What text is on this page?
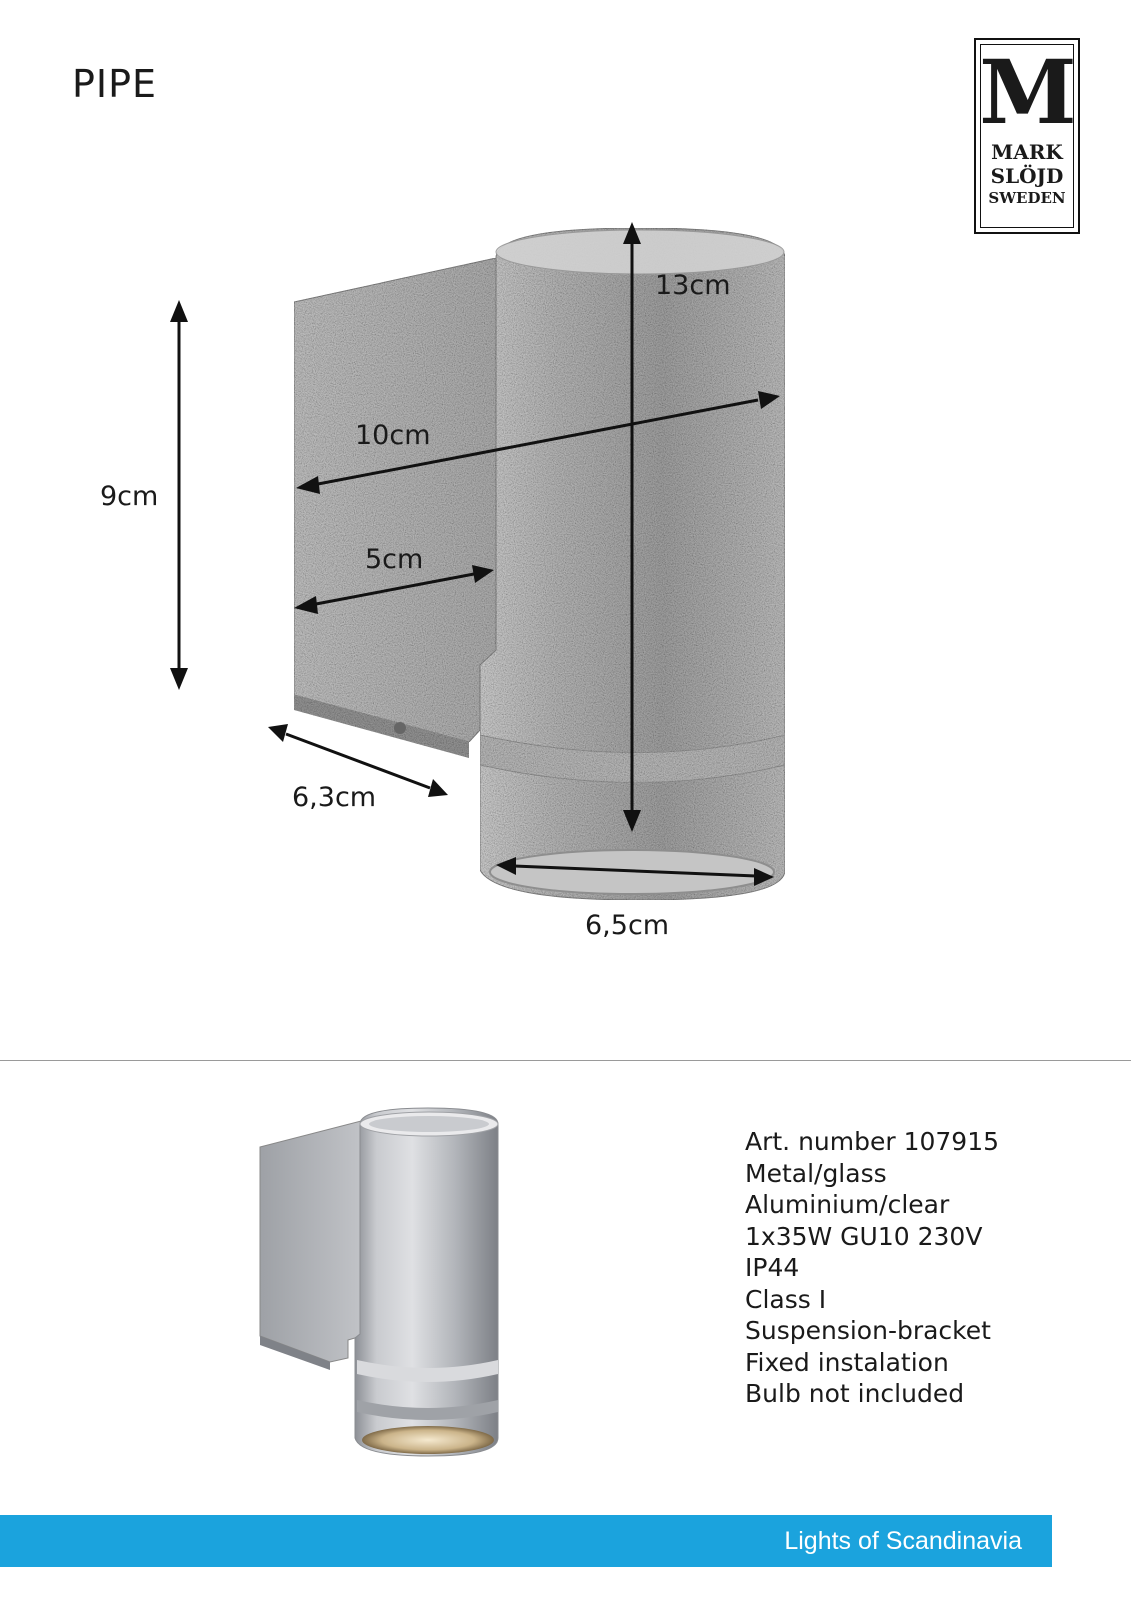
PIPE	M
MARK
SLÖJD
SWEDEN
9cm
13cm
10cm
5cm
6,3cm
6,5cm
Art. number 107915
Metal/glass
Aluminium/clear
1x35W GU10 230V
IP44
Class I
Suspension-bracket
Fixed instalation
Bulb not included
Lights of Scandinavia
